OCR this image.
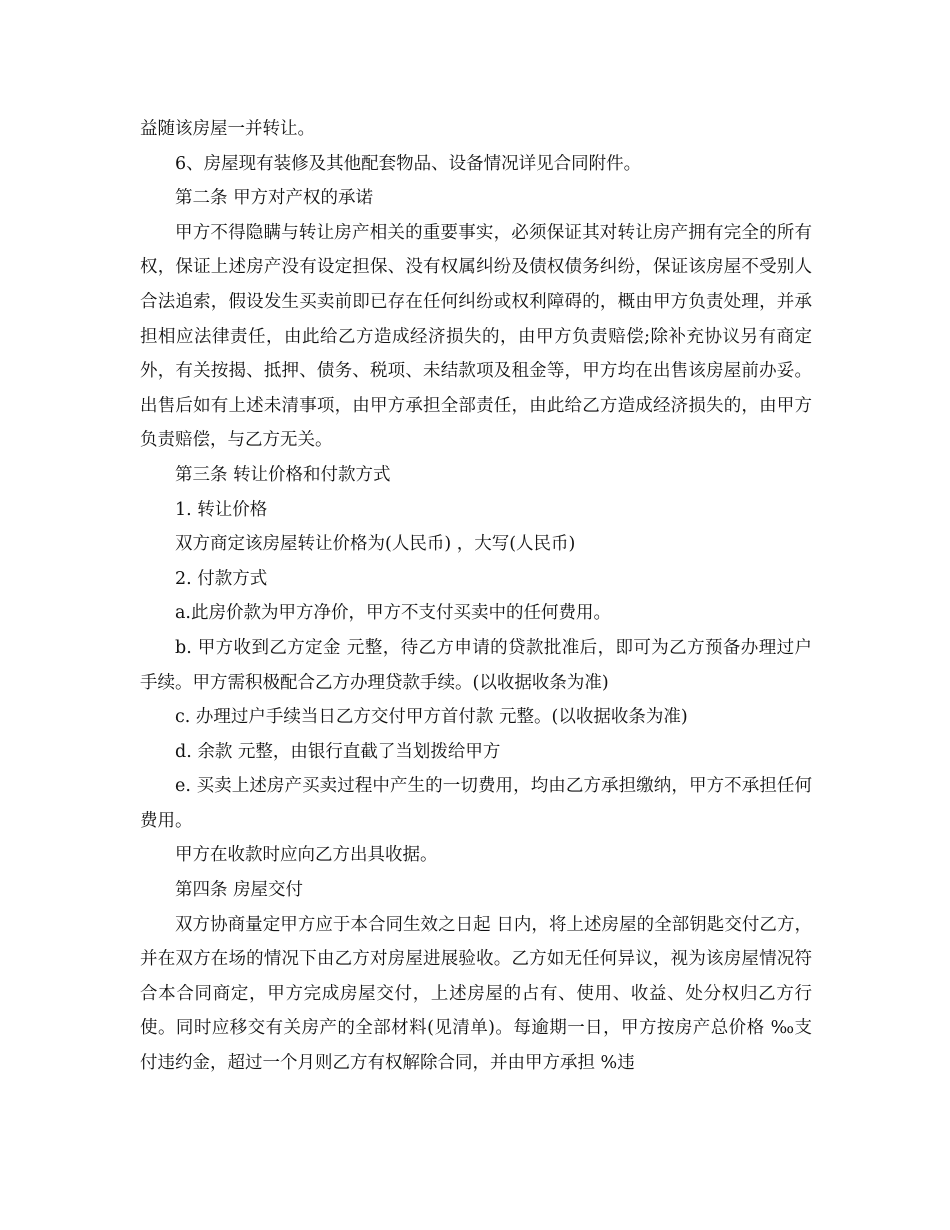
益随该房屋一并转让。

6、房屋现有装修及其他配套物品、设备情况详见合同附件。

第二条 甲方对产权的承诺

甲方不得隐瞒与转让房产相关的重要事实，必须保证其对转让房产拥有完全的所有权，保证上述房产没有设定担保、没有权属纠纷及债权债务纠纷，保证该房屋不受别人合法追索，假设发生买卖前即已存在任何纠纷或权利障碍的，概由甲方负责处理，并承担相应法律责任，由此给乙方造成经济损失的，由甲方负责赔偿;除补充协议另有商定外，有关按揭、抵押、债务、税项、未结款项及租金等，甲方均在出售该房屋前办妥。出售后如有上述未清事项，由甲方承担全部责任，由此给乙方造成经济损失的，由甲方负责赔偿，与乙方无关。

第三条 转让价格和付款方式

1. 转让价格

双方商定该房屋转让价格为(人民币) ，大写(人民币)

2. 付款方式

a.此房价款为甲方净价，甲方不支付买卖中的任何费用。

b. 甲方收到乙方定金 元整，待乙方申请的贷款批准后，即可为乙方预备办理过户手续。甲方需积极配合乙方办理贷款手续。(以收据收条为准)

c. 办理过户手续当日乙方交付甲方首付款 元整。(以收据收条为准)

d. 余款 元整，由银行直截了当划拨给甲方

e. 买卖上述房产买卖过程中产生的一切费用，均由乙方承担缴纳，甲方不承担任何费用。

甲方在收款时应向乙方出具收据。

第四条 房屋交付

双方协商量定甲方应于本合同生效之日起 日内，将上述房屋的全部钥匙交付乙方，并在双方在场的情况下由乙方对房屋进展验收。乙方如无任何异议，视为该房屋情况符合本合同商定，甲方完成房屋交付，上述房屋的占有、使用、收益、处分权归乙方行使。同时应移交有关房产的全部材料(见清单)。每逾期一日，甲方按房产总价格 ‰支付违约金，超过一个月则乙方有权解除合同，并由甲方承担 %违
